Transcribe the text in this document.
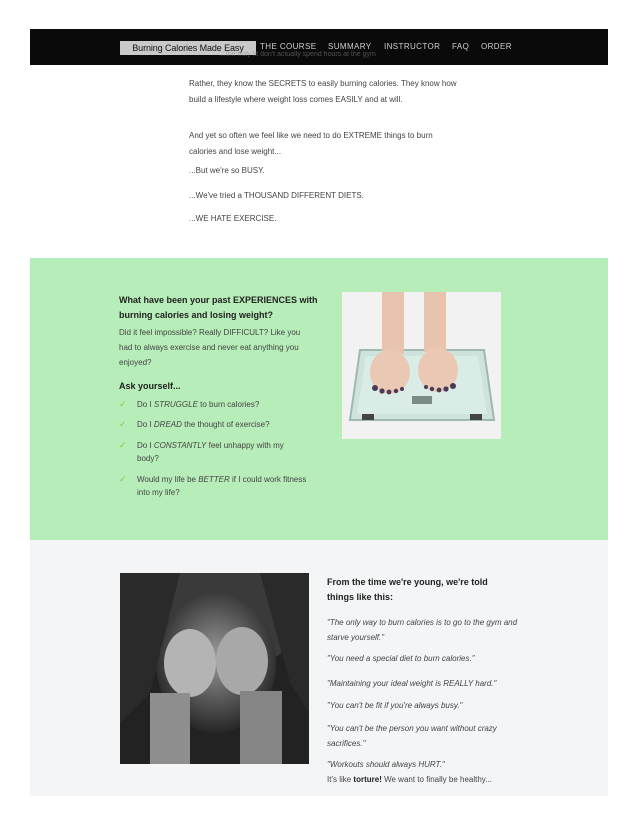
Burning Calories Made Easy
...the truly fit don't actually spend hours at the gym
THE COURSE SUMMARY INSTRUCTOR FAQ ORDER

Rather, they know the SECRETS to easily burning calories. They know how build a lifestyle where weight loss comes EASILY and at will.

And yet so often we feel like we need to do EXTREME things to burn calories and lose weight...

...But we're so BUSY.

...We've tried a THOUSAND DIFFERENT DIETS.

...WE HATE EXERCISE.

What have been your past EXPERIENCES with burning calories and losing weight?

Did it feel impossible? Really DIFFICULT? Like you had to always exercise and never eat anything you enjoyed?

Ask yourself...

✓ Do I STRUGGLE to burn calories?
✓ Do I DREAD the thought of exercise?
✓ Do I CONSTANTLY feel unhappy with my body?
✓ Would my life be BETTER if I could work fitness into my life?

From the time we're young, we're told things like this:

"The only way to burn calories is to go to the gym and starve yourself."

"You need a special diet to burn calories."

"Maintaining your ideal weight is REALLY hard."

"You can't be fit if you're always busy."

"You can't be the person you want without crazy sacrifices."

"Workouts should always HURT."

It's like torture! We want to finally be healthy...
